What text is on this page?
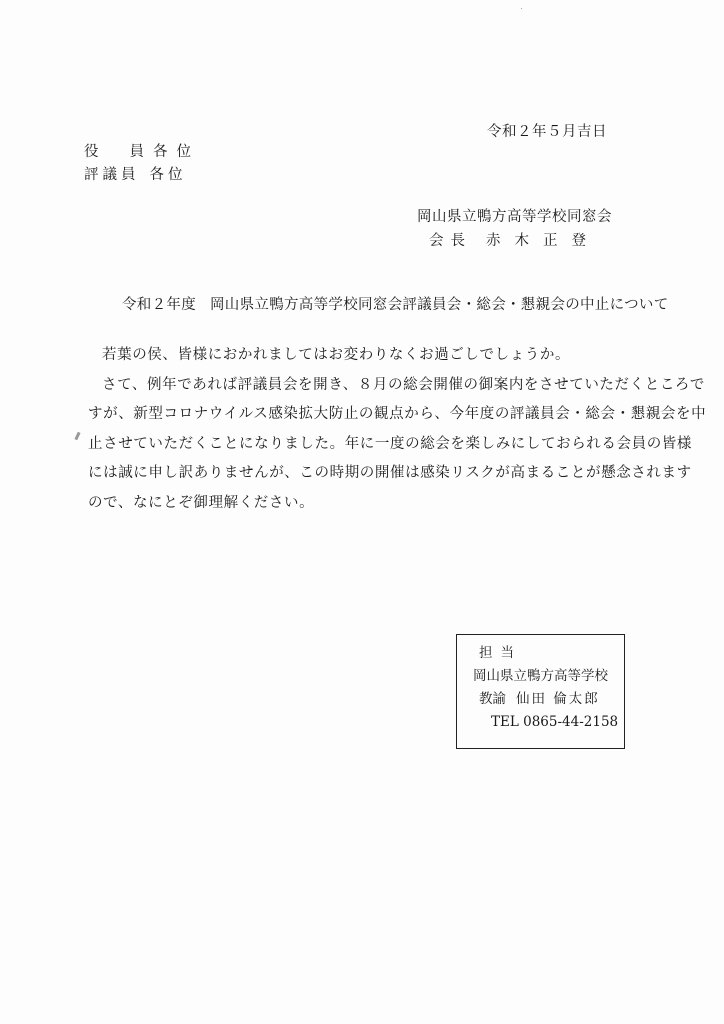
令和２年５月吉日
役 員各位
評議員 各位
岡山県立鴨方高等学校同窓会
会長 赤木正登
令和２年度 岡山県立鴨方高等学校同窓会評議員会・総会・懇親会の中止について

若葉の侯、皆様におかれましてはお変わりなくお過ごしでしょうか。

さて、例年であれば評議員会を開き、８月の総会開催の御案内をさせていただくところで
すが、新型コロナウイルス感染拡大防止の観点から、今年度の評議員会・総会・懇親会を中
止させていただくことになりました。年に一度の総会を楽しみにしておられる会員の皆様
には誠に申し訳ありませんが、この時期の開催は感染リスクが高まることが懸念されます
ので、なにとぞ御理解ください。

担当
岡山県立鴨方高等学校
教諭 仙田 倫太郎
TEL 0865-44-2158
